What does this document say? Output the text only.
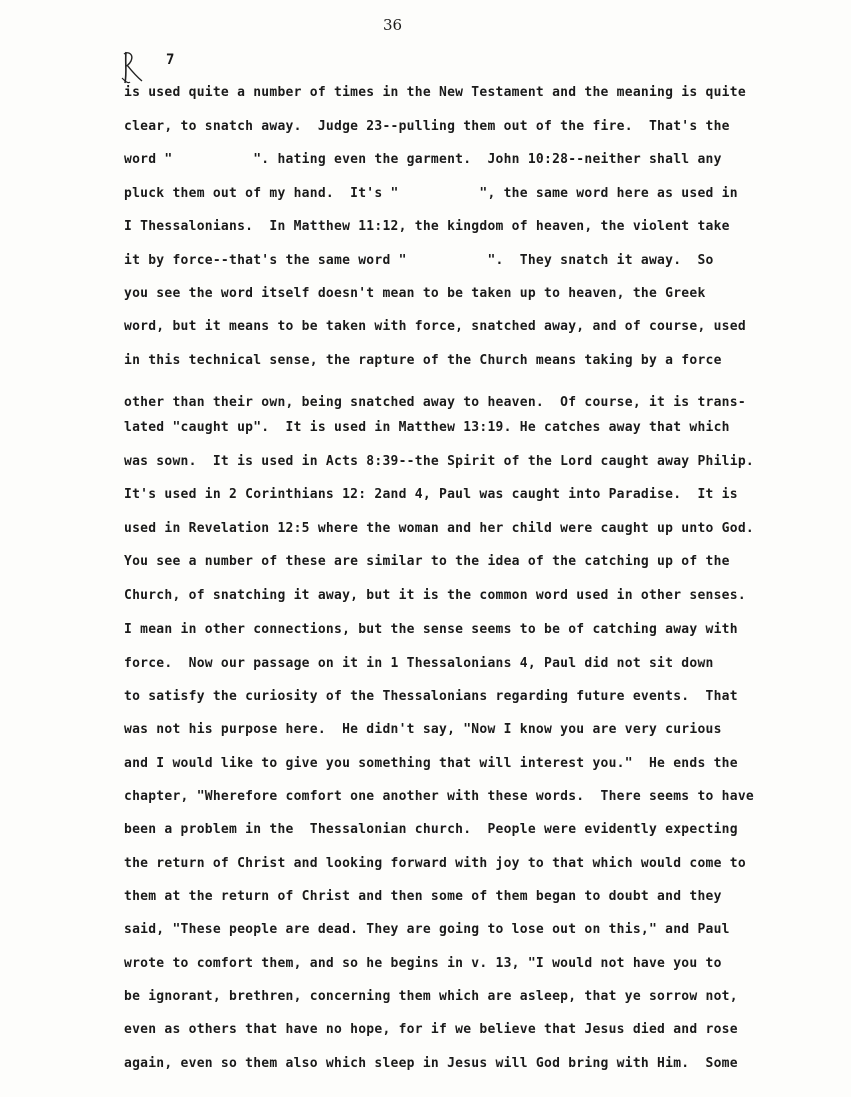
36
7
is used quite a number of times in the New Testament and the meaning is quite
clear, to snatch away.  Judge 23--pulling them out of the fire.  That's the
word "          ". hating even the garment.  John 10:28--neither shall any
pluck them out of my hand.  It's "          ", the same word here as used in
I Thessalonians.  In Matthew 11:12, the kingdom of heaven, the violent take
it by force--that's the same word "          ".  They snatch it away.  So
you see the word itself doesn't mean to be taken up to heaven, the Greek
word, but it means to be taken with force, snatched away, and of course, used
in this technical sense, the rapture of the Church means taking by a force
other than their own, being snatched away to heaven.  Of course, it is trans-
lated "caught up".  It is used in Matthew 13:19. He catches away that which
was sown.  It is used in Acts 8:39--the Spirit of the Lord caught away Philip.
It's used in 2 Corinthians 12: 2and 4, Paul was caught into Paradise.  It is
used in Revelation 12:5 where the woman and her child were caught up unto God.
You see a number of these are similar to the idea of the catching up of the
Church, of snatching it away, but it is the common word used in other senses.
I mean in other connections, but the sense seems to be of catching away with
force.  Now our passage on it in 1 Thessalonians 4, Paul did not sit down
to satisfy the curiosity of the Thessalonians regarding future events.  That
was not his purpose here.  He didn't say, "Now I know you are very curious
and I would like to give you something that will interest you."  He ends the
chapter, "Wherefore comfort one another with these words.  There seems to have
been a problem in the  Thessalonian church.  People were evidently expecting
the return of Christ and looking forward with joy to that which would come to
them at the return of Christ and then some of them began to doubt and they
said, "These people are dead. They are going to lose out on this," and Paul
wrote to comfort them, and so he begins in v. 13, "I would not have you to
be ignorant, brethren, concerning them which are asleep, that ye sorrow not,
even as others that have no hope, for if we believe that Jesus died and rose
again, even so them also which sleep in Jesus will God bring with Him.  Some
